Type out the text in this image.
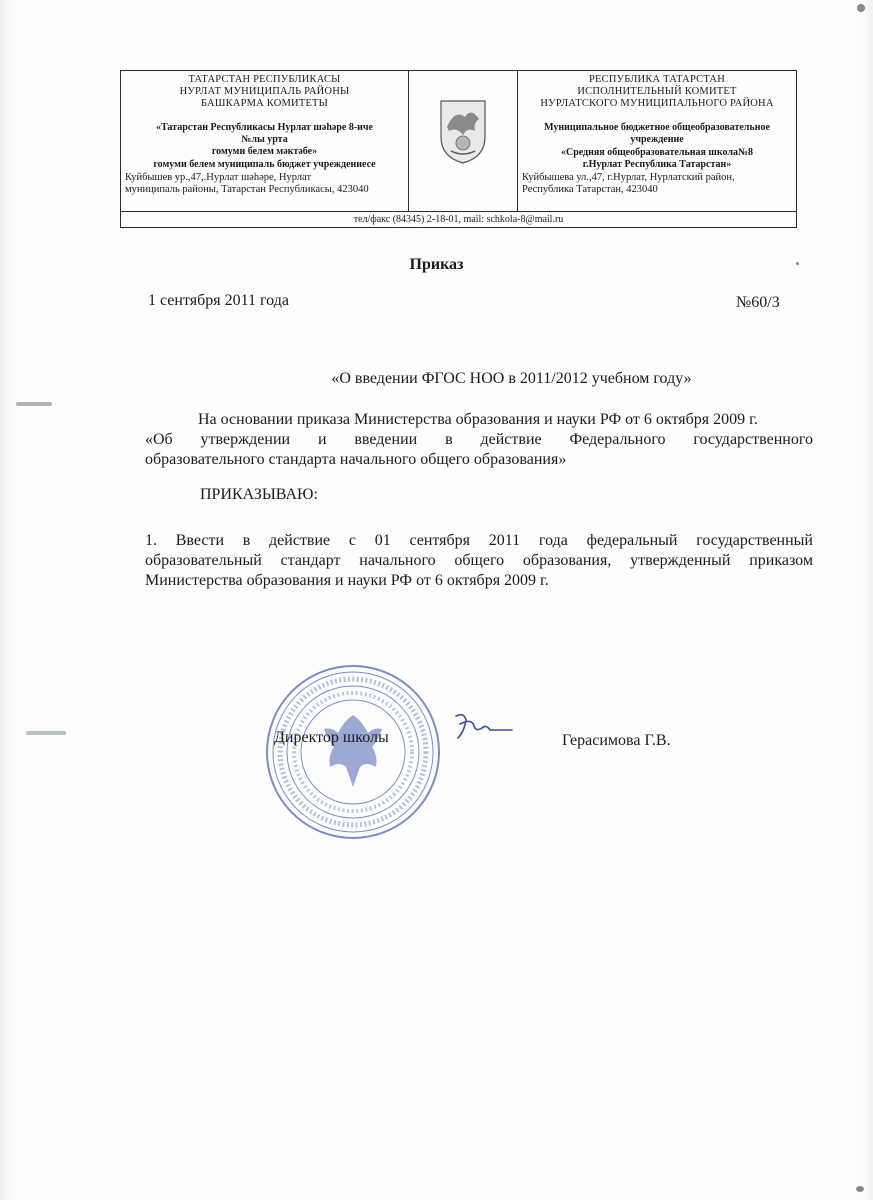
ТАТАРСТАН РЕСПУБЛИКАСЫ
НУРЛАТ МУНИЦИПАЛЬ РАЙОНЫ
БАШКАРМА КОМИТЕТЫ
«Татарстан Республикасы Нурлат шәһәре 8-иче
№лы урта
гомуми белем мәктәбе»
гомуми белем муниципаль бюджет учреждениесе
Куйбышев ур.,47,.Нурлат шәһәре, Нурлат
муниципаль районы, Татарстан Республикасы, 423040
РЕСПУБЛИКА ТАТАРСТАН
ИСПОЛНИТЕЛЬНЫЙ КОМИТЕТ
НУРЛАТСКОГО МУНИЦИПАЛЬНОГО РАЙОНА
Муниципальное бюджетное общеобразовательное
учреждение
«Средняя общеобразовательная школа№8
г.Нурлат Республика Татарстан»
Куйбышева ул.,47, г.Нурлат, Нурлатский район,
Республика Татарстан, 423040
тел/факс (84345) 2-18-01, mail: schkola-8@mail.ru
Приказ
1 сентября 2011 года	№60/3
«О введении ФГОС НОО в 2011/2012 учебном году»
На основании приказа Министерства образования и науки РФ от 6 октября 2009 г.
«Об утверждении и введении в действие Федерального государственного
образовательного стандарта начального общего образования»
ПРИКАЗЫВАЮ:
1. Ввести в действие с 01 сентября 2011 года федеральный государственный
образовательный стандарт начального общего образования, утвержденный приказом
Министерства образования и науки РФ от 6 октября 2009 г.
Директор школы	Герасимова Г.В.
